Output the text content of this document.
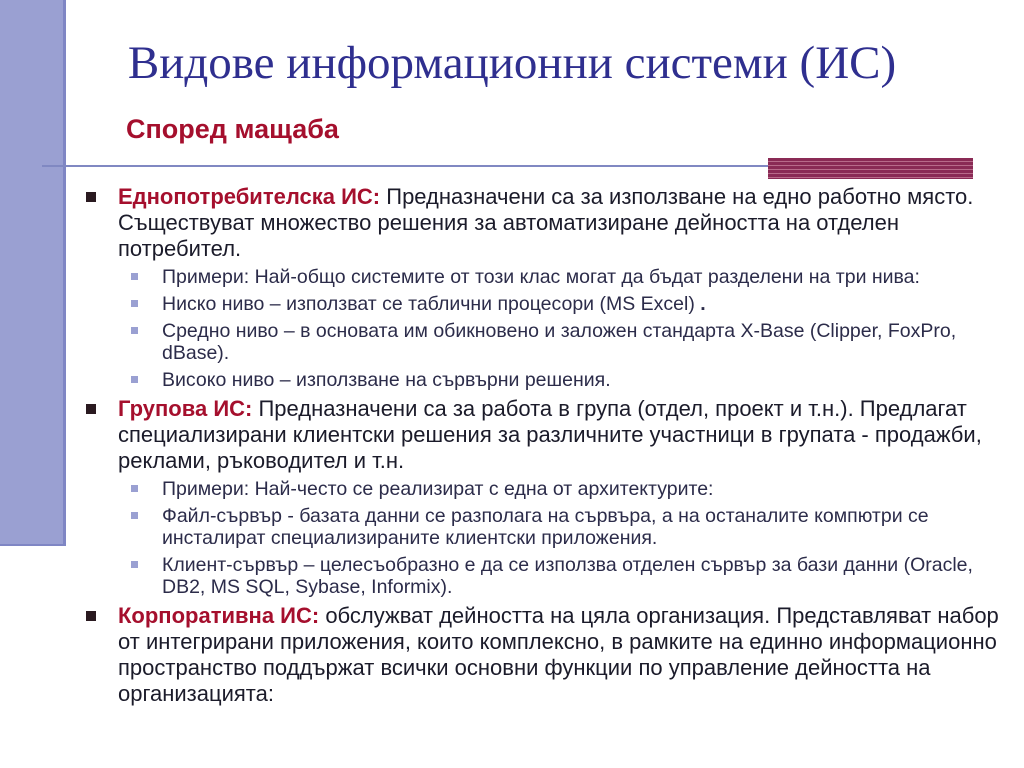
Видове информационни системи (ИС)
Според мащаба
Еднопотребителска ИС: Предназначени са за използване на едно работно място. Съществуват множество решения за автоматизиране дейността на отделен потребител.
Примери: Най-общо системите от този клас могат да бъдат разделени на три нива:
Ниско ниво – използват се таблични процесори (MS Excel) .
Средно ниво – в основата им обикновено и заложен стандарта X-Base (Clipper, FoxPro, dBase).
Високо ниво – използване на сървърни решения.
Групова ИС: Предназначени са за работа в група (отдел, проект и т.н.). Предлагат специализирани клиентски решения за различните участници в групата - продажби, реклами, ръководител и т.н.
Примери: Най-често се реализират с една от архитектурите:
Файл-сървър - базата данни се разполага на сървъра, а на останалите компютри се инсталират специализираните клиентски приложения.
Клиент-сървър – целесъобразно е да се използва отделен сървър за бази данни (Oracle, DB2, MS SQL, Sybase, Informix).
Корпоративна ИС: обслужват дейността на цяла организация. Представляват набор от интегрирани приложения, които комплексно, в рамките на единно информационно пространство поддържат всички основни функции по управление дейността на организацията:
